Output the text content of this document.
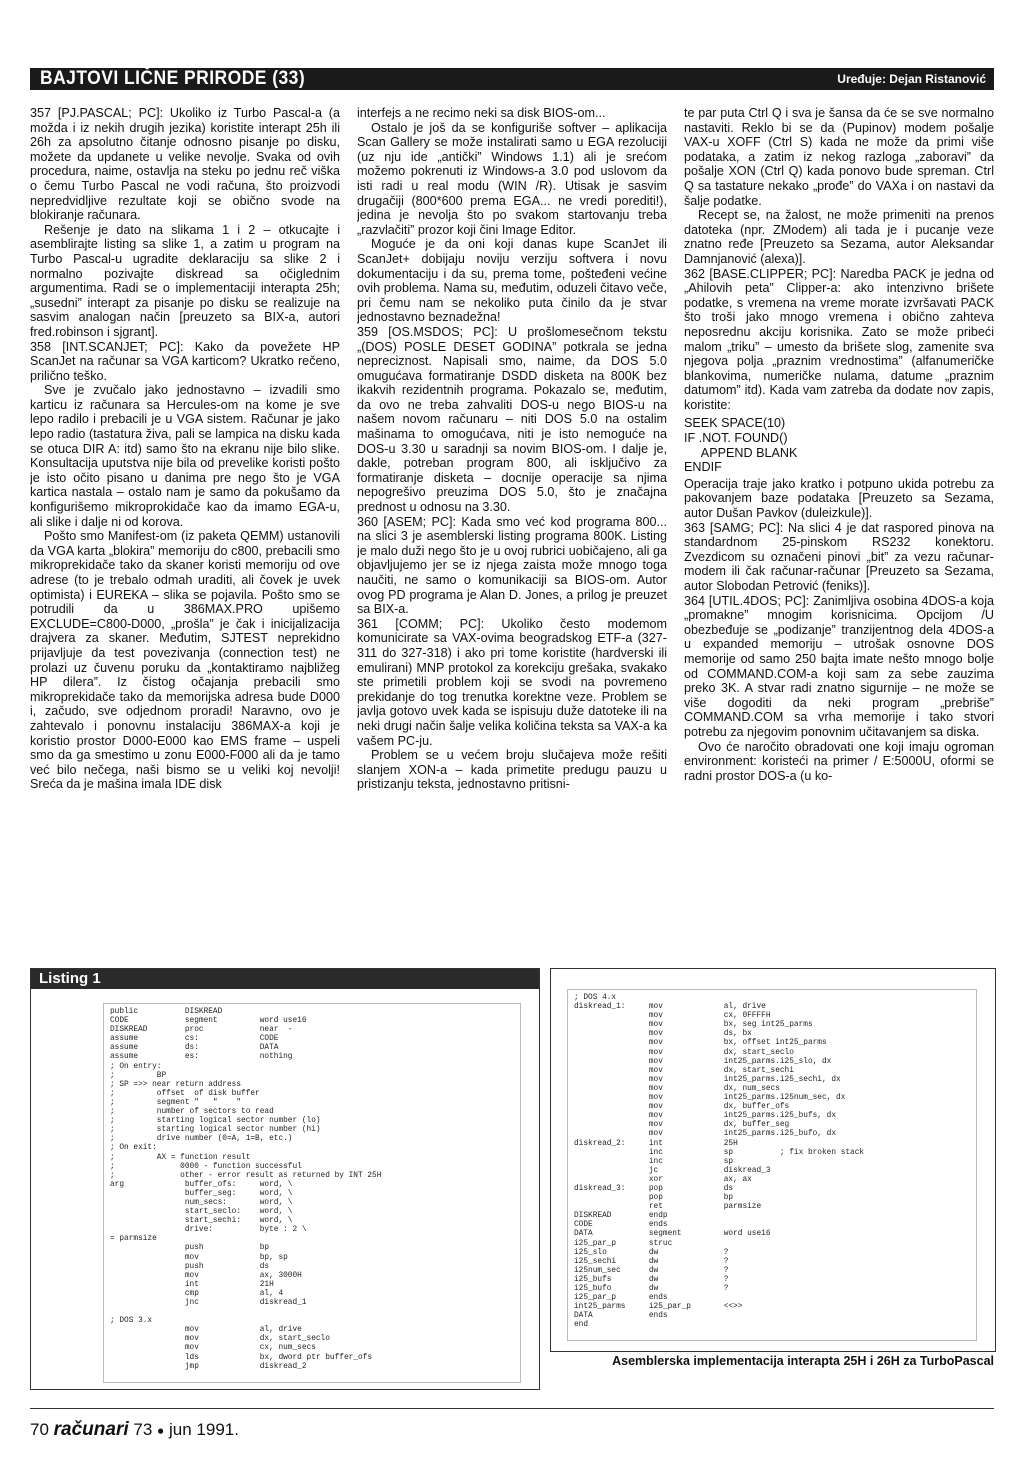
BAJTOVI LIČNE PRIRODE (33)	Uređuje: Dejan Ristanović

357 [PJ.PASCAL; PC]: Ukoliko iz Turbo Pascal-a (a možda i iz nekih drugih jezika) koristite interapt 25h ili 26h za apsolutno čitanje odnosno pisanje po disku, možete da updanete u velike nevolje. Svaka od ovih procedura, naime, ostavlja na steku po jednu reč viška o čemu Turbo Pascal ne vodi računa, što proizvodi nepredvidljive rezultate koji se obično svode na blokiranje računara.

Rešenje je dato na slikama 1 i 2 – otkucajte i asemblirajte listing sa slike 1, a zatim u program na Turbo Pascal-u ugradite deklaraciju sa slike 2 i normalno pozivajte diskread sa očiglednim argumentima. Radi se o implementaciji interapta 25h; „susedni” interapt za pisanje po disku se realizuje na sasvim analogan način [preuzeto sa BIX-a, autori fred.robinson i sjgrant].

358 [INT.SCANJET; PC]: Kako da povežete HP ScanJet na računar sa VGA karticom? Ukratko rečeno, prilično teško.

Sve je zvučalo jako jednostavno – izvadili smo karticu iz računara sa Hercules-om na kome je sve lepo radilo i prebacili je u VGA sistem. Računar je jako lepo radio (tastatura živa, pali se lampica na disku kada se otuca DIR A: itd) samo što na ekranu nije bilo slike. Konsultacija uputstva nije bila od prevelike koristi pošto je isto očito pisano u danima pre nego što je VGA kartica nastala – ostalo nam je samo da pokušamo da konfigurišemo mikroprokidače kao da imamo EGA-u, ali slike i dalje ni od korova.

Pošto smo Manifest-om (iz paketa QEMM) ustanovili da VGA karta „blokira” memoriju do c800, prebacili smo mikroprekidače tako da skaner koristi memoriju od ove adrese (to je trebalo odmah uraditi, ali čovek je uvek optimista) i EUREKA – slika se pojavila. Pošto smo se potrudili da u 386MAX.PRO upišemo EXCLUDE=C800-D000, „prošla” je čak i inicijalizacija drajvera za skaner. Međutim, SJTEST neprekidno prijavljuje da test povezivanja (connection test) ne prolazi uz čuvenu poruku da „kontaktiramo najbližeg HP dilera”. Iz čistog očajanja prebacili smo mikroprekidače tako da memorijska adresa bude D000 i, začudo, sve odjednom proradi! Naravno, ovo je zahtevalo i ponovnu instalaciju 386MAX-a koji je koristio prostor D000-E000 kao EMS frame – uspeli smo da ga smestimo u zonu E000-F000 ali da je tamo već bilo nečega, naši bismo se u veliki koj nevolji! Sreća da je mašina imala IDE disk

interfejs a ne recimo neki sa disk BIOS-om...

Ostalo je još da se konfiguriše softver – aplikacija Scan Gallery se može instalirati samo u EGA rezoluciji (uz nju ide „antički” Windows 1.1) ali je srećom možemo pokrenuti iz Windows-a 3.0 pod uslovom da isti radi u real modu (WIN /R). Utisak je sasvim drugačiji (800*600 prema EGA... ne vredi porediti!), jedina je nevolja što po svakom startovanju treba „razvlačiti” prozor koji čini Image Editor.

Moguće je da oni koji danas kupe ScanJet ili ScanJet+ dobijaju noviju verziju softvera i novu dokumentaciju i da su, prema tome, pošteđeni većine ovih problema. Nama su, međutim, oduzeli čitavo veče, pri čemu nam se nekoliko puta činilo da je stvar jednostavno beznadežna!

359 [OS.MSDOS; PC]: U prošlomesečnom tekstu „(DOS) POSLE DESET GODINA” potkrala se jedna nepreciznost. Napisali smo, naime, da DOS 5.0 omugućava formatiranje DSDD disketa na 800K bez ikakvih rezidentnih programa. Pokazalo se, međutim, da ovo ne treba zahvaliti DOS-u nego BIOS-u na našem novom računaru – niti DOS 5.0 na ostalim mašinama to omogućava, niti je isto nemoguće na DOS-u 3.30 u saradnji sa novim BIOS-om. I dalje je, dakle, potreban program 800, ali isključivo za formatiranje disketa – docnije operacije sa njima nepogrešivo preuzima DOS 5.0, što je značajna prednost u odnosu na 3.30.

360 [ASEM; PC]: Kada smo već kod programa 800... na slici 3 je asemblerski listing programa 800K. Listing je malo duži nego što je u ovoj rubrici uobičajeno, ali ga objavljujemo jer se iz njega zaista može mnogo toga naučiti, ne samo o komunikaciji sa BIOS-om. Autor ovog PD programa je Alan D. Jones, a prilog je preuzet sa BIX-a.

361 [COMM; PC]: Ukoliko često modemom komunicirate sa VAX-ovima beogradskog ETF-a (327-311 do 327-318) i ako pri tome koristite (hardverski ili emulirani) MNP protokol za korekciju grešaka, svakako ste primetili problem koji se svodi na povremeno prekidanje do tog trenutka korektne veze. Problem se javlja gotovo uvek kada se ispisuju duže datoteke ili na neki drugi način šalje velika količina teksta sa VAX-a ka vašem PC-ju.

Problem se u većem broju slučajeva može rešiti slanjem XON-a – kada primetite predugu pauzu u pristizanju teksta, jednostavno pritisni-

te par puta Ctrl Q i sva je šansa da će se sve normalno nastaviti. Reklo bi se da (Pupinov) modem pošalje VAX-u XOFF (Ctrl S) kada ne može da primi više podataka, a zatim iz nekog razloga „zaboravi” da pošalje XON (Ctrl Q) kada ponovo bude spreman. Ctrl Q sa tastature nekako „prođe” do VAXa i on nastavi da šalje podatke.

Recept se, na žalost, ne može primeniti na prenos datoteka (npr. ZModem) ali tada je i pucanje veze znatno ređe [Preuzeto sa Sezama, autor Aleksandar Damnjanović (alexa)].

362 [BASE.CLIPPER; PC]: Naredba PACK je jedna od „Ahilovih peta” Clipper-a: ako intenzivno brišete podatke, s vremena na vreme morate izvršavati PACK što troši jako mnogo vremena i obično zahteva neposrednu akciju korisnika. Zato se može pribeći malom „triku” – umesto da brišete slog, zamenite sva njegova polja „praznim vrednostima” (alfanumeričke blankovima, numeričke nulama, datume „praznim datumom” itd). Kada vam zatreba da dodate nov zapis, koristite:

SEEK SPACE(10)
IF .NOT. FOUND()
APPEND BLANK
ENDIF

Operacija traje jako kratko i potpuno ukida potrebu za pakovanjem baze podataka [Preuzeto sa Sezama, autor Dušan Pavkov (duleizkule)].

363 [SAMG; PC]: Na slici 4 je dat raspored pinova na standardnom 25-pinskom RS232 konektoru. Zvezdicom su označeni pinovi „bit” za vezu računar-modem ili čak računar-računar [Preuzeto sa Sezama, autor Slobodan Petrović (feniks)].

364 [UTIL.4DOS; PC]: Zanimljiva osobina 4DOS-a koja „promakne” mnogim korisnicima. Opcijom /U obezbeđuje se „podizanje” tranzijentnog dela 4DOS-a u expanded memoriju – utrošak osnovne DOS memorije od samo 250 bajta imate nešto mnogo bolje od COMMAND.COM-a koji sam za sebe zauzima preko 3K. A stvar radi znatno sigurnije – ne može se više dogoditi da neki program „prebriše” COMMAND.COM sa vrha memorije i tako stvori potrebu za njegovim ponovnim učitavanjem sa diska.

Ovo će naročito obradovati one koji imaju ogroman environment: koristeći na primer / E:5000U, oformi se radni prostor DOS-a (u ko-

Listing 1
public          DISKREAD
CODE            segment         word use16
DISKREAD        proc            near  -
assume          cs:             CODE
assume          ds:             DATA
assume          es:             nothing
; On entry:
;         BP
; SP =>> near return address
;         offset  of disk buffer
;         segment "   "    "
;         number of sectors to read
;         starting logical sector number (lo)
;         starting logical sector number (hi)
;         drive number (0=A, 1=B, etc.)
; On exit:
;         AX = function result
;              0000 - function successful
;              other - error result as returned by INT 25H
arg             buffer_ofs:     word, \
buffer_seg:     word, \
num_secs:       word, \
start_seclo:    word, \
start_sechi:    word, \
drive:          byte : 2 \
= parmsize
push            bp
mov             bp, sp
push            ds
mov             ax, 3000H
int             21H
cmp             al, 4
jnc             diskread_1

; DOS 3.x
mov             al, drive
mov             dx, start_seclo
mov             cx, num_secs
lds             bx, dword ptr buffer_ofs
jmp             diskread_2
; DOS 4.x
diskread_1:     mov             al, drive
mov             cx, 0FFFFH
mov             bx, seg int25_parms
mov             ds, bx
mov             bx, offset int25_parms
mov             dx, start_seclo
mov             int25_parms.i25_slo, dx
mov             dx, start_sechi
mov             int25_parms.i25_sechi, dx
mov             dx, num_secs
mov             int25_parms.i25num_sec, dx
mov             dx, buffer_ofs
mov             int25_parms.i25_bufs, dx
mov             dx, buffer_seg
mov             int25_parms.i25_bufo, dx
diskread_2:     int             25H
inc             sp          ; fix broken stack
inc             sp
jc              diskread_3
xor             ax, ax
diskread_3:     pop             ds
pop             bp
ret             parmsize
DISKREAD        endp
CODE            ends
DATA            segment         word use16
i25_par_p       struc
i25_slo         dw              ?
i25_sechi       dw              ?
i25num_sec      dw              ?
i25_bufs        dw              ?
i25_bufo        dw              ?
i25_par_p       ends
int25_parms     i25_par_p       <<>>
DATA            ends
end
Asemblerska implementacija interapta 25H i 26H za TurboPascal
70 računari 73 ● jun 1991.
